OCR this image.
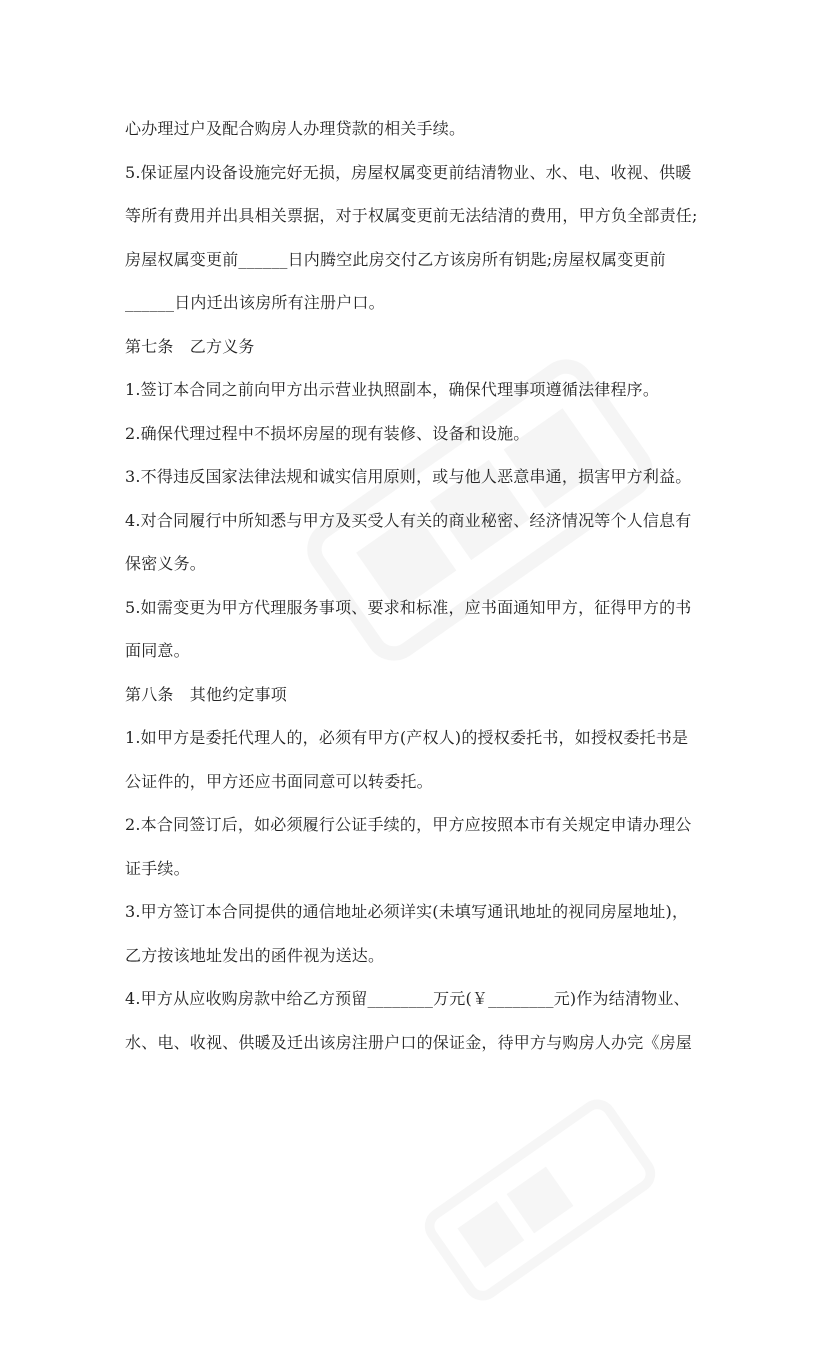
心办理过户及配合购房人办理贷款的相关手续。
5.保证屋内设备设施完好无损，房屋权属变更前结清物业、水、电、收视、供暖
等所有费用并出具相关票据，对于权属变更前无法结清的费用，甲方负全部责任;
房屋权属变更前______日内腾空此房交付乙方该房所有钥匙;房屋权属变更前
______日内迁出该房所有注册户口。
第七条　乙方义务
1.签订本合同之前向甲方出示营业执照副本，确保代理事项遵循法律程序。
2.确保代理过程中不损坏房屋的现有装修、设备和设施。
3.不得违反国家法律法规和诚实信用原则，或与他人恶意串通，损害甲方利益。
4.对合同履行中所知悉与甲方及买受人有关的商业秘密、经济情况等个人信息有
保密义务。
5.如需变更为甲方代理服务事项、要求和标准，应书面通知甲方，征得甲方的书
面同意。
第八条　其他约定事项
1.如甲方是委托代理人的，必须有甲方(产权人)的授权委托书，如授权委托书是
公证件的，甲方还应书面同意可以转委托。
2.本合同签订后，如必须履行公证手续的，甲方应按照本市有关规定申请办理公
证手续。
3.甲方签订本合同提供的通信地址必须详实(未填写通讯地址的视同房屋地址)，
乙方按该地址发出的函件视为送达。
4.甲方从应收购房款中给乙方预留________万元(￥________元)作为结清物业、
水、电、收视、供暖及迁出该房注册户口的保证金，待甲方与购房人办完《房屋
